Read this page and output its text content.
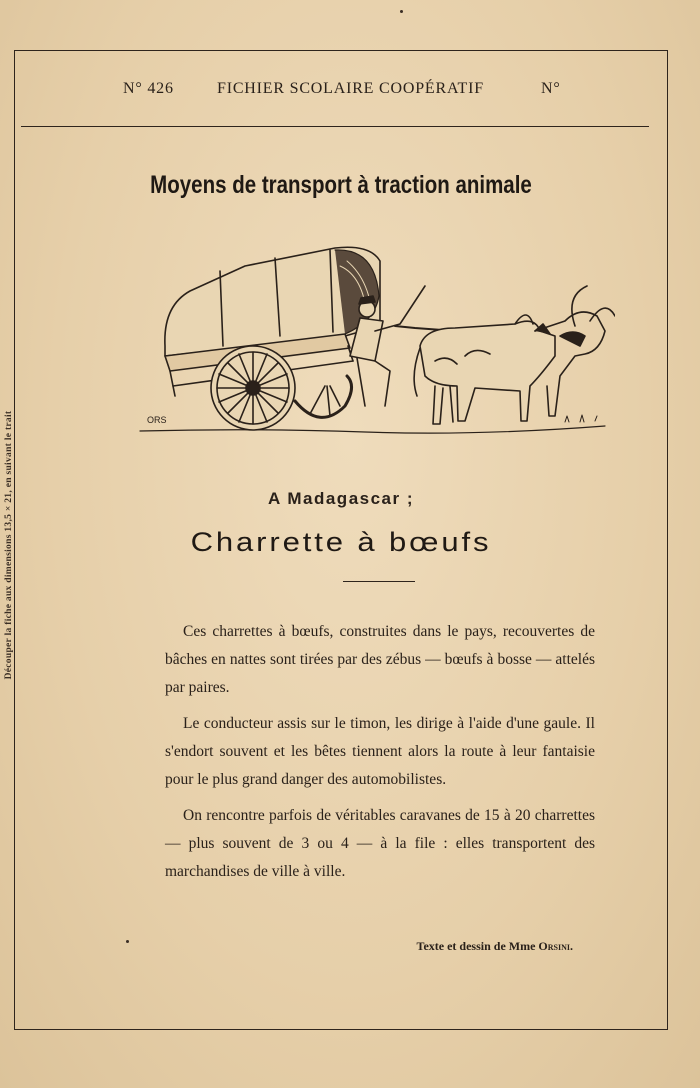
Découper la fiche aux dimensions 13,5 × 21, en suivant le trait
N° 426	FICHIER SCOLAIRE COOPÉRATIF	N°
Moyens de transport à traction animale
ORS
A Madagascar ;
Charrette à bœufs

Ces charrettes à bœufs, construites dans le pays, recouvertes de bâches en nattes sont tirées par des zébus — bœufs à bosse — attelés par paires.

Le conducteur assis sur le timon, les dirige à l'aide d'une gaule. Il s'endort souvent et les bêtes tiennent alors la route à leur fantaisie pour le plus grand danger des automobilistes.

On rencontre parfois de véritables caravanes de 15 à 20 charrettes — plus souvent de 3 ou 4 — à la file : elles transportent des marchandises de ville à ville.

Texte et dessin de Mme Orsini.
